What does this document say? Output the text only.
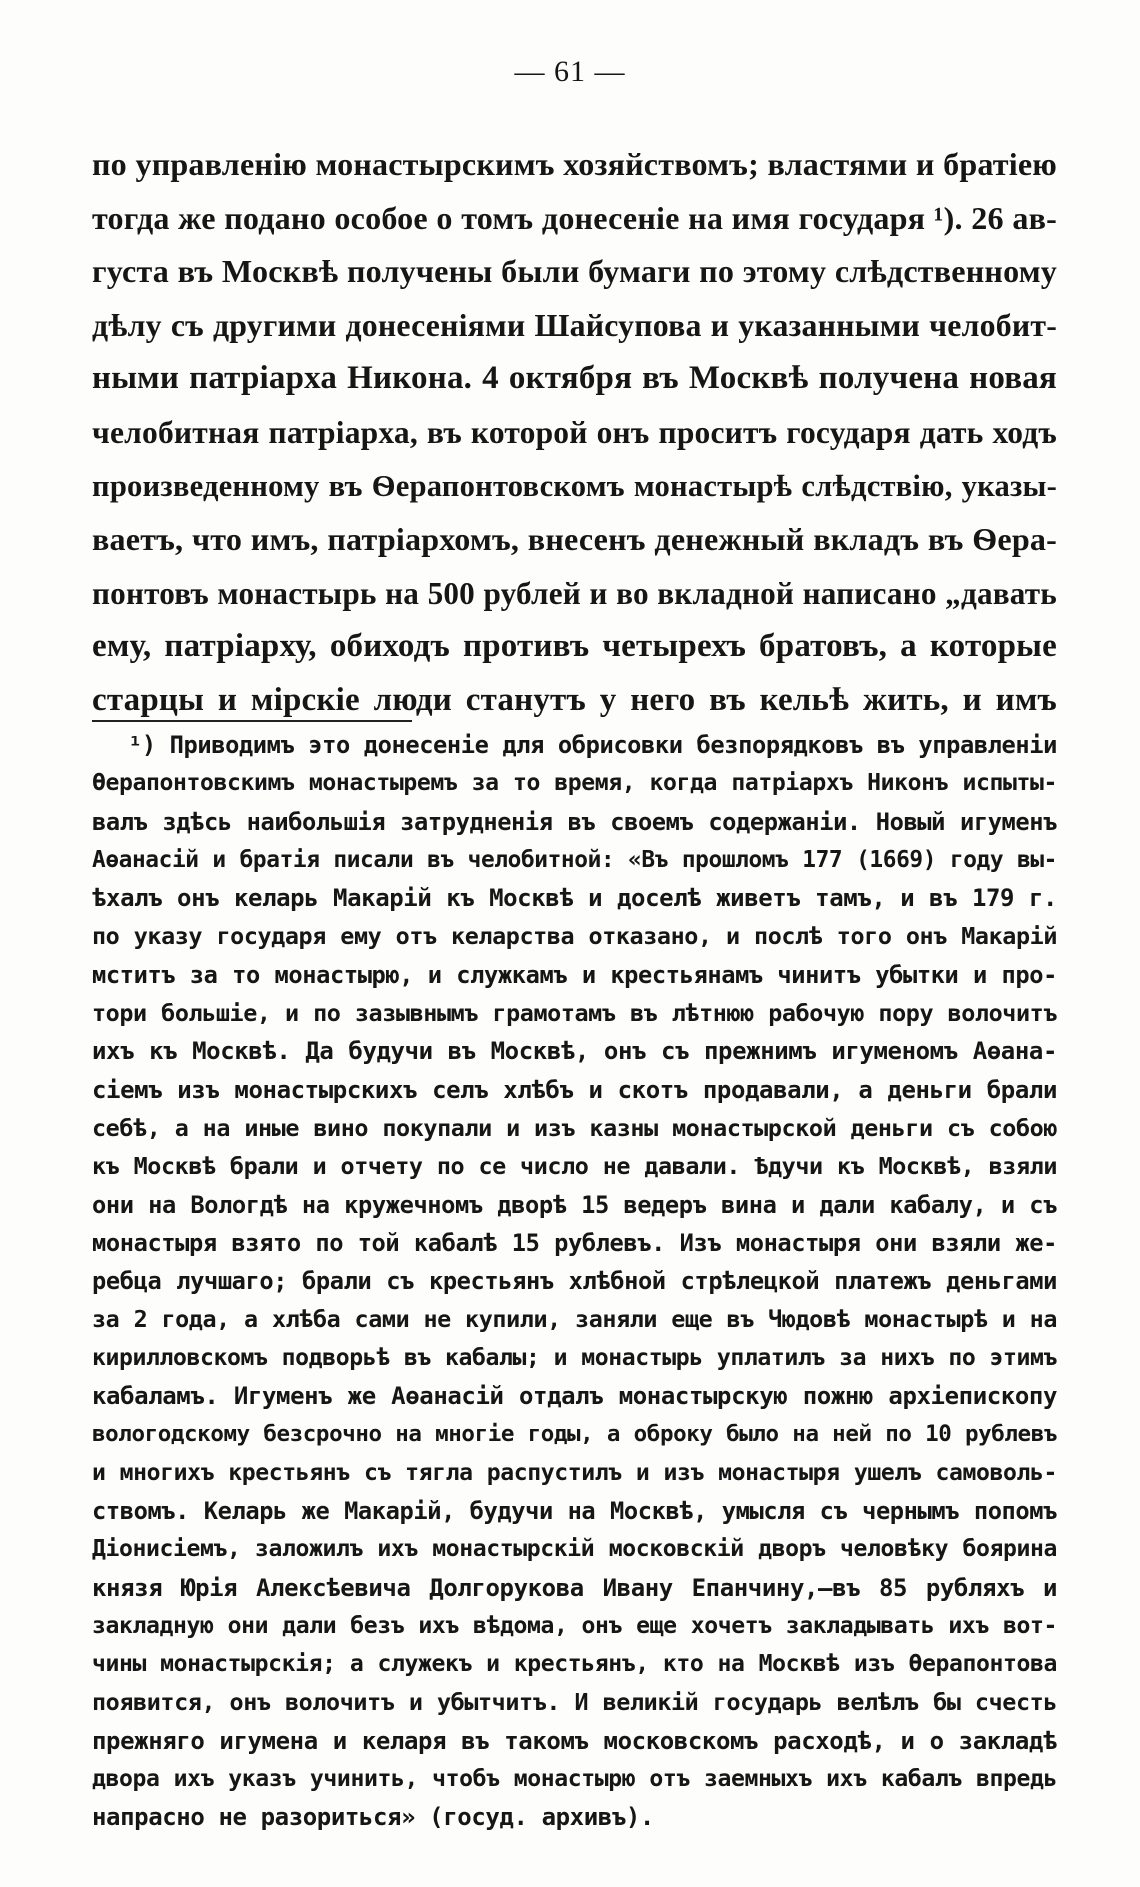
— 61 —
по управленію монастырскимъ хозяйствомъ; властями и братіею
тогда же подано особое о томъ донесеніе на имя государя ¹). 26 ав-
густа въ Москвѣ получены были бумаги по этому слѣдственному
дѣлу съ другими донесеніями Шайсупова и указанными челобит-
ными патріарха Никона. 4 октября въ Москвѣ получена новая
челобитная патріарха, въ которой онъ проситъ государя дать ходъ
произведенному въ Ѳерапонтовскомъ монастырѣ слѣдствію, указы-
ваетъ, что имъ, патріархомъ, внесенъ денежный вкладъ въ Ѳера-
понтовъ монастырь на 500 рублей и во вкладной написано „давать
ему, патріарху, обиходъ противъ четырехъ братовъ, а которые
старцы и мірскіе люди станутъ у него въ кельѣ жить, и имъ
¹) Приводимъ это донесеніе для обрисовки безпорядковъ въ управленіи
Ѳерапонтовскимъ монастыремъ за то время, когда патріархъ Никонъ испыты-
валъ здѣсь наибольшія затрудненія въ своемъ содержаніи. Новый игуменъ
Аѳанасій и братія писали въ челобитной: «Въ прошломъ 177 (1669) году вы-
ѣхалъ онъ келарь Макарій къ Москвѣ и доселѣ живетъ тамъ, и въ 179 г.
по указу государя ему отъ келарства отказано, и послѣ того онъ Макарій
мститъ за то монастырю, и служкамъ и крестьянамъ чинитъ убытки и про-
тори большіе, и по зазывнымъ грамотамъ въ лѣтнюю рабочую пору волочитъ
ихъ къ Москвѣ. Да будучи въ Москвѣ, онъ съ прежнимъ игуменомъ Аѳана-
сіемъ изъ монастырскихъ селъ хлѣбъ и скотъ продавали, а деньги брали
себѣ, а на иные вино покупали и изъ казны монастырской деньги съ собою
къ Москвѣ брали и отчету по се число не давали. Ѣдучи къ Москвѣ, взяли
они на Вологдѣ на кружечномъ дворѣ 15 ведеръ вина и дали кабалу, и съ
монастыря взято по той кабалѣ 15 рублевъ. Изъ монастыря они взяли же-
ребца лучшаго; брали съ крестьянъ хлѣбной стрѣлецкой платежъ деньгами
за 2 года, а хлѣба сами не купили, заняли еще въ Чюдовѣ монастырѣ и на
кирилловскомъ подворьѣ въ кабалы; и монастырь уплатилъ за нихъ по этимъ
кабаламъ. Игуменъ же Аѳанасій отдалъ монастырскую пожню архіепископу
вологодскому безсрочно на многіе годы, а оброку было на ней по 10 рублевъ
и многихъ крестьянъ съ тягла распустилъ и изъ монастыря ушелъ самоволь-
ствомъ. Келарь же Макарій, будучи на Москвѣ, умысля съ чернымъ попомъ
Діонисіемъ, заложилъ ихъ монастырскій московскій дворъ человѣку боярина
князя Юрія Алексѣевича Долгорукова Ивану Епанчину,—въ 85 рубляхъ и
закладную они дали безъ ихъ вѣдома, онъ еще хочетъ закладывать ихъ вот-
чины монастырскія; а служекъ и крестьянъ, кто на Москвѣ изъ Ѳерапонтова
появится, онъ волочитъ и убытчитъ. И великій государь велѣлъ бы счесть
прежняго игумена и келаря въ такомъ московскомъ расходѣ, и о закладѣ
двора ихъ указъ учинить, чтобъ монастырю отъ заемныхъ ихъ кабалъ впредь
напрасно не разориться» (госуд. архивъ).
